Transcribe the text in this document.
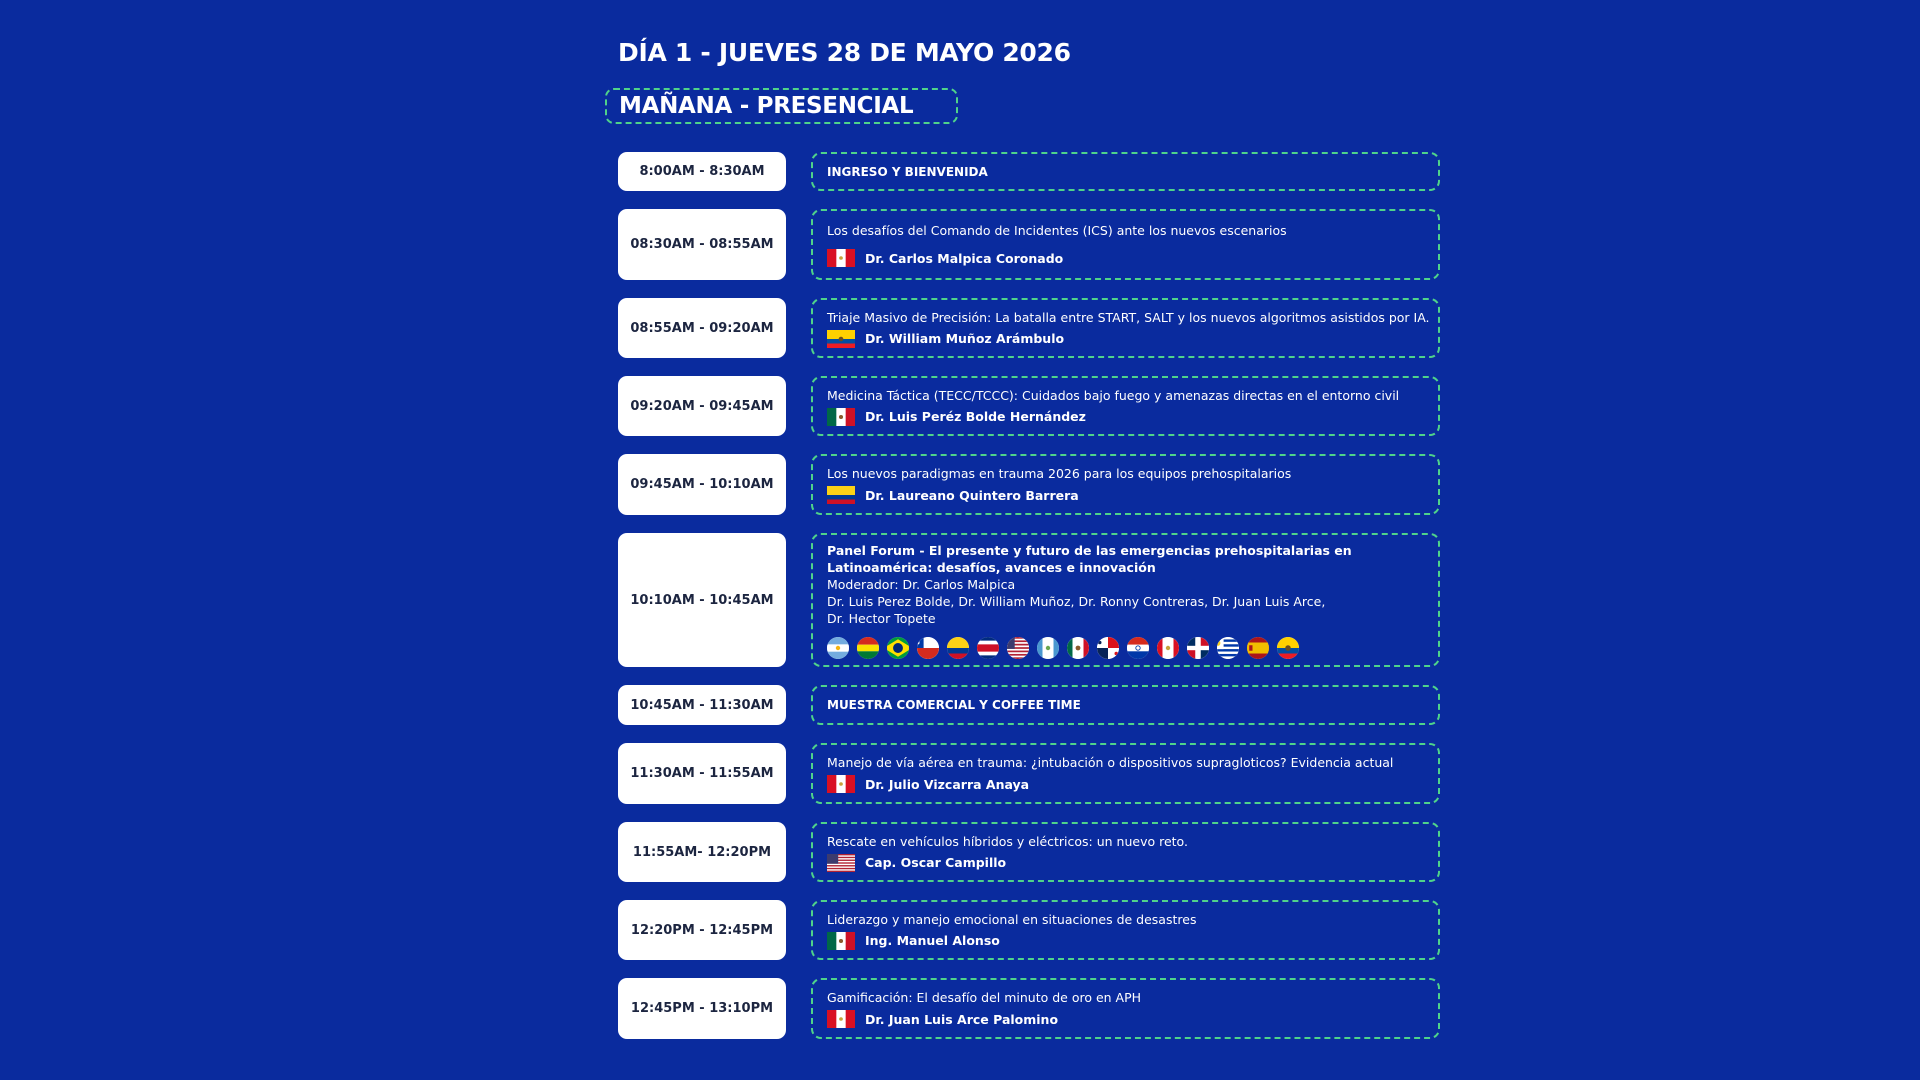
DÍA 1 - JUEVES 28 DE MAYO 2026
MAÑANA - PRESENCIAL
8:00AM - 8:30AM	INGRESO Y BIENVENIDA
08:30AM - 08:55AM
Los desafíos del Comando de Incidentes (ICS) ante los nuevos escenarios
Dr. Carlos Malpica Coronado
08:55AM - 09:20AM
Triaje Masivo de Precisión: La batalla entre START, SALT y los nuevos algoritmos asistidos por IA.
Dr. William Muñoz Arámbulo
09:20AM - 09:45AM
Medicina Táctica (TECC/TCCC): Cuidados bajo fuego y amenazas directas en el entorno civil
Dr. Luis Peréz Bolde Hernández
09:45AM - 10:10AM
Los nuevos paradigmas en trauma 2026 para los equipos prehospitalarios
Dr. Laureano Quintero Barrera
10:10AM - 10:45AM
Panel Forum - El presente y futuro de las emergencias prehospitalarias en
Latinoamérica: desafíos, avances e innovación
Moderador: Dr. Carlos Malpica
Dr. Luis Perez Bolde, Dr. William Muñoz, Dr. Ronny Contreras, Dr. Juan Luis Arce,
Dr. Hector Topete
10:45AM - 11:30AM	MUESTRA COMERCIAL Y COFFEE TIME
11:30AM - 11:55AM
Manejo de vía aérea en trauma: ¿intubación o dispositivos supragloticos? Evidencia actual
Dr. Julio Vizcarra Anaya
11:55AM- 12:20PM
Rescate en vehículos híbridos y eléctricos: un nuevo reto.
Cap. Oscar Campillo
12:20PM - 12:45PM
Liderazgo y manejo emocional en situaciones de desastres
Ing. Manuel Alonso
12:45PM - 13:10PM
Gamificación: El desafío del minuto de oro en APH
Dr. Juan Luis Arce Palomino
